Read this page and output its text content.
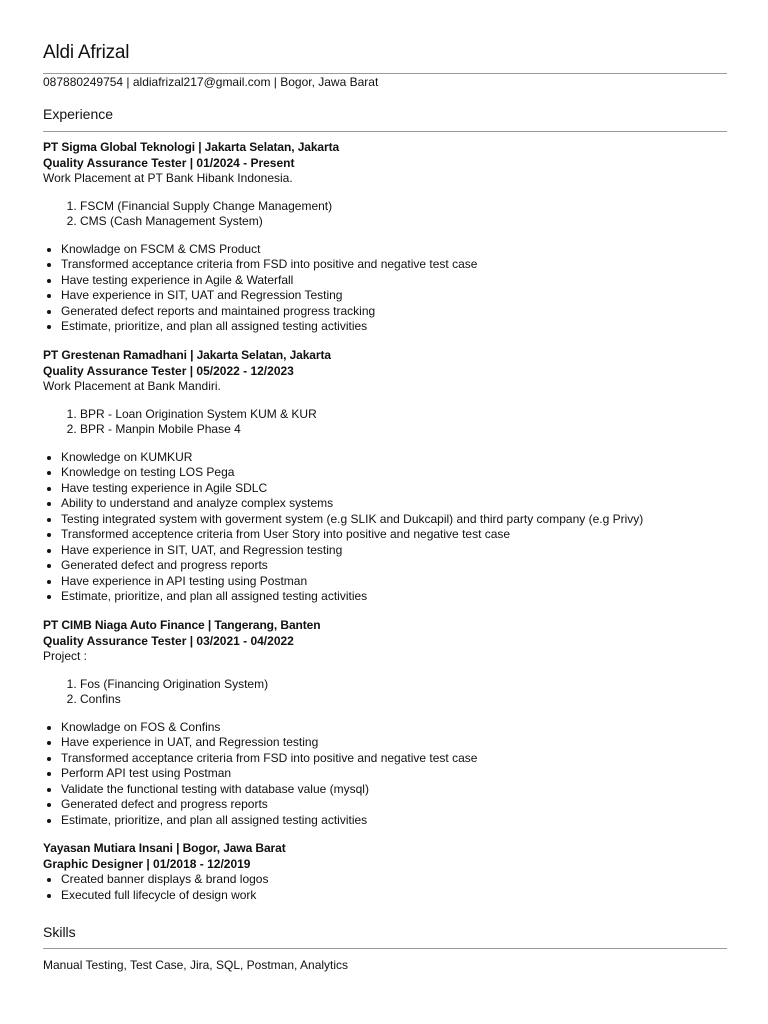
Aldi Afrizal
087880249754 | aldiafrizal217@gmail.com | Bogor, Jawa Barat
Experience
PT Sigma Global Teknologi | Jakarta Selatan, Jakarta
Quality Assurance Tester | 01/2024 - Present

Work Placement at PT Bank Hibank Indonesia.

1. FSCM (Financial Supply Change Management)
2. CMS (Cash Management System)
• Knowladge on FSCM & CMS Product
• Transformed acceptance criteria from FSD into positive and negative test case
• Have testing experience in Agile & Waterfall
• Have experience in SIT, UAT and Regression Testing
• Generated defect reports and maintained progress tracking
• Estimate, prioritize, and plan all assigned testing activities
PT Grestenan Ramadhani | Jakarta Selatan, Jakarta
Quality Assurance Tester | 05/2022 - 12/2023

Work Placement at Bank Mandiri.

1. BPR - Loan Origination System KUM & KUR
2. BPR - Manpin Mobile Phase 4
• Knowledge on KUMKUR
• Knowledge on testing LOS Pega
• Have testing experience in Agile SDLC
• Ability to understand and analyze complex systems
• Testing integrated system with goverment system (e.g SLIK and Dukcapil) and third party company (e.g Privy)
• Transformed acceptence criteria from User Story into positive and negative test case
• Have experience in SIT, UAT, and Regression testing
• Generated defect and progress reports
• Have experience in API testing using Postman
• Estimate, prioritize, and plan all assigned testing activities
PT CIMB Niaga Auto Finance | Tangerang, Banten
Quality Assurance Tester | 03/2021 - 04/2022

Project :

1. Fos (Financing Origination System)
2. Confins
• Knowladge on FOS & Confins
• Have experience in UAT, and Regression testing
• Transformed acceptance criteria from FSD into positive and negative test case
• Perform API test using Postman
• Validate the functional testing with database value (mysql)
• Generated defect and progress reports
• Estimate, prioritize, and plan all assigned testing activities
Yayasan Mutiara Insani | Bogor, Jawa Barat
Graphic Designer | 01/2018 - 12/2019
• Created banner displays & brand logos
• Executed full lifecycle of design work
Skills
Manual Testing, Test Case, Jira, SQL, Postman, Analytics
